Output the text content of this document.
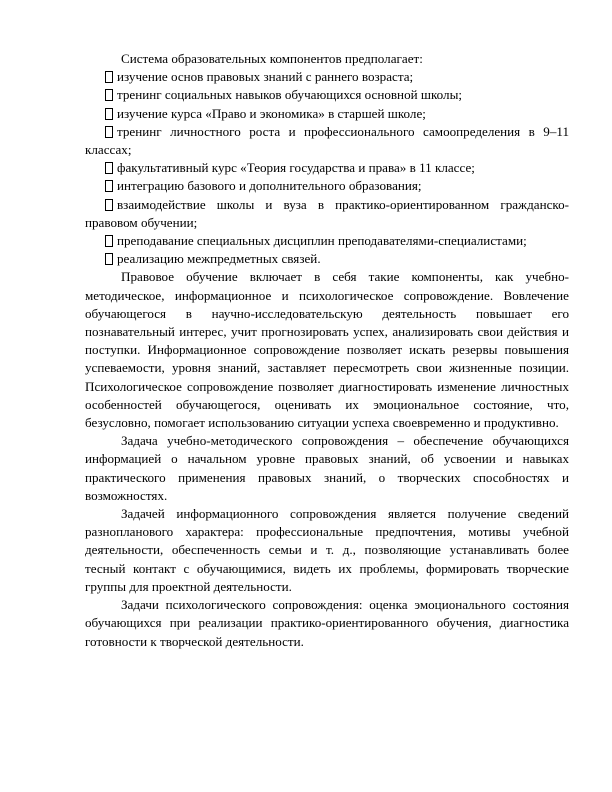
Система образовательных компонентов предполагает:

изучение основ правовых знаний с раннего возраста;
тренинг социальных навыков обучающихся основной школы;
изучение курса «Право и экономика» в старшей школе;
тренинг личностного роста и профессионального самоопределения в 9–11 классах;
факультативный курс «Теория государства и права» в 11 классе;
интеграцию базового и дополнительного образования;
взаимодействие школы и вуза в практико-ориентированном гражданско-правовом обучении;
преподавание специальных дисциплин преподавателями-специалистами;
реализацию межпредметных связей.

Правовое обучение включает в себя такие компоненты, как учебно-методическое, информационное и психологическое сопровождение. Вовлечение обучающегося в научно-исследовательскую деятельность повышает его познавательный интерес, учит прогнозировать успех, анализировать свои действия и поступки. Информационное сопровождение позволяет искать резервы повышения успеваемости, уровня знаний, заставляет пересмотреть свои жизненные позиции. Психологическое сопровождение позволяет диагностировать изменение личностных особенностей обучающегося, оценивать их эмоциональное состояние, что, безусловно, помогает использованию ситуации успеха своевременно и продуктивно.

Задача учебно-методического сопровождения – обеспечение обучающихся информацией о начальном уровне правовых знаний, об усвоении и навыках практического применения правовых знаний, о творческих способностях и возможностях.

Задачей информационного сопровождения является получение сведений разнопланового характера: профессиональные предпочтения, мотивы учебной деятельности, обеспеченность семьи и т. д., позволяющие устанавливать более тесный контакт с обучающимися, видеть их проблемы, формировать творческие группы для проектной деятельности.

Задачи психологического сопровождения: оценка эмоционального состояния обучающихся при реализации практико-ориентированного обучения, диагностика готовности к творческой деятельности.
